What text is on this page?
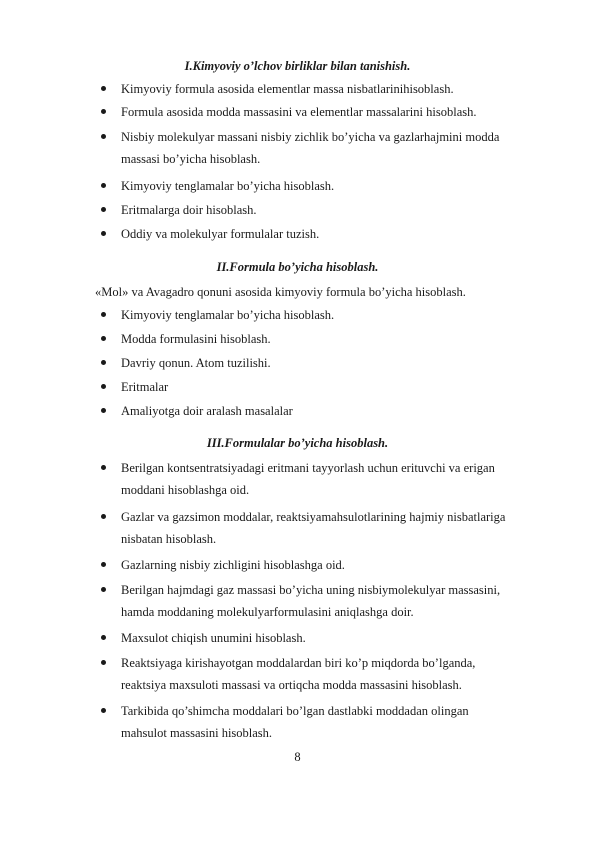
I.Kimyoviy o’lchov birliklar bilan tanishish.
Kimyoviy formula asosida elementlar massa nisbatlarinihisoblash.
Formula asosida modda massasini va elementlar massalarini hisoblash.
Nisbiy molekulyar massani nisbiy zichlik bo’yicha va gazlarhajmini modda
massasi bo’yicha hisoblash.
Kimyoviy tenglamalar bo’yicha hisoblash.
Eritmalarga doir hisoblash.
Oddiy va molekulyar formulalar tuzish.
II.Formula bo’yicha hisoblash.
«Mol» va Avagadro qonuni asosida kimyoviy formula bo’yicha hisoblash.
Kimyoviy tenglamalar bo’yicha hisoblash.
Modda formulasini hisoblash.
Davriy qonun. Atom tuzilishi.
Eritmalar
Amaliyotga doir aralash masalalar
III.Formulalar bo’yicha hisoblash.
Berilgan kontsentratsiyadagi eritmani tayyorlash uchun erituvchi va erigan
moddani hisoblashga oid.
Gazlar va gazsimon moddalar, reaktsiyamahsulotlarining hajmiy nisbatlariga
nisbatan hisoblash.
Gazlarning nisbiy zichligini hisoblashga oid.
Berilgan hajmdagi gaz massasi bo’yicha uning nisbiymolekulyar massasini,
hamda moddaning molekulyarformulasini aniqlashga doir.
Maxsulot chiqish unumini hisoblash.
Reaktsiyaga kirishayotgan moddalardan biri ko’p miqdorda bo’lganda,
reaktsiya maxsuloti massasi va ortiqcha modda massasini hisoblash.
Tarkibida qo’shimcha moddalari bo’lgan dastlabki moddadan olingan
mahsulot massasini hisoblash.
8
